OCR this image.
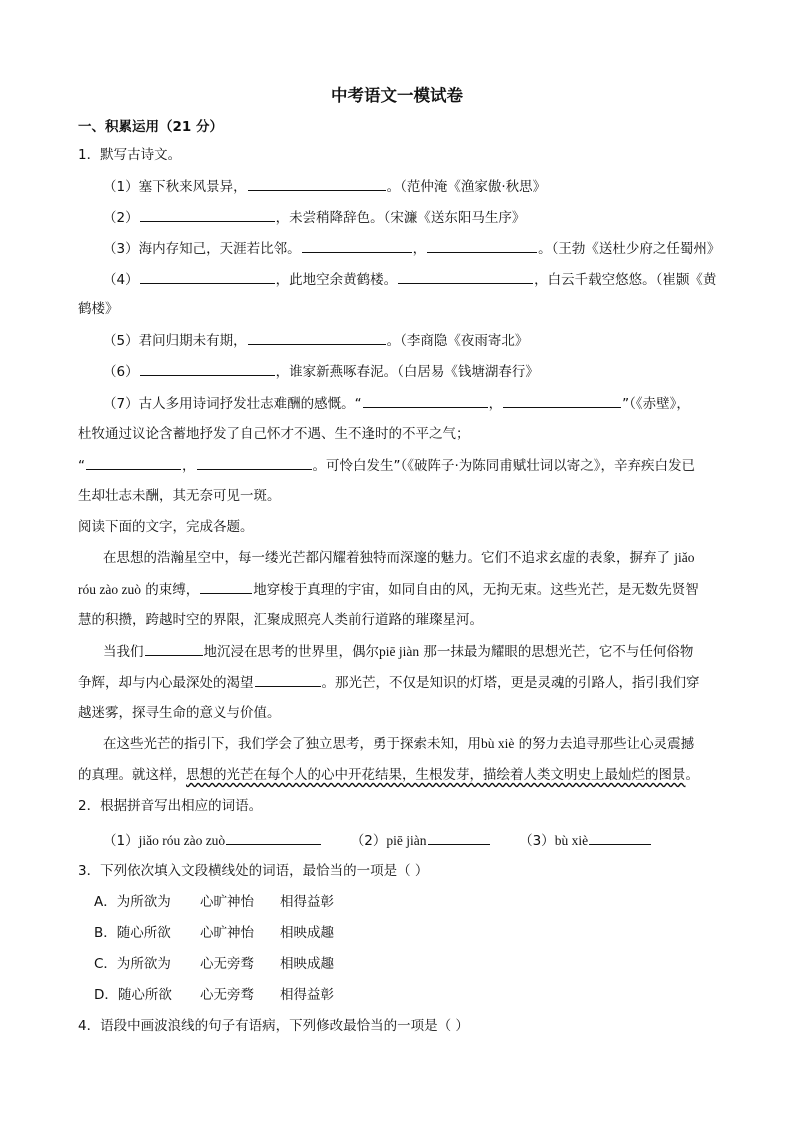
中考语文一模试卷
一、积累运用（21 分）
1．默写古诗文。
（1）塞下秋来风景异，	。（范仲淹《渔家傲·秋思》
（2）	，未尝稍降辞色。（宋濂《送东阳马生序》
（3）海内存知己，天涯若比邻。	，	。（王勃《送杜少府之任蜀州》
（4）	，此地空余黄鹤楼。	，白云千载空悠悠。（崔颢《黄
鹤楼》
（5）君问归期未有期，	。（李商隐《夜雨寄北》
（6）	，谁家新燕啄春泥。（白居易《钱塘湖春行》
（7）古人多用诗词抒发壮志难酬的感慨。“	，	”（《赤壁》，
杜牧通过议论含蓄地抒发了自己怀才不遇、生不逢时的不平之气；
“	，	。可怜白发生”（《破阵子·为陈同甫赋壮词以寄之》，辛弃疾白发已
生却壮志未酬，其无奈可见一斑。
阅读下面的文字，完成各题。
在思想的浩瀚星空中，每一缕光芒都闪耀着独特而深邃的魅力。它们不追求玄虚的表象，摒弃了 jiǎo
róu zào zuò 的束缚，	地穿梭于真理的宇宙，如同自由的风，无拘无束。这些光芒，是无数先贤智
慧的积攒，跨越时空的界限，汇聚成照亮人类前行道路的璀璨星河。
当我们	地沉浸在思考的世界里，偶尔piē jiàn 那一抹最为耀眼的思想光芒，它不与任何俗物
争辉，却与内心最深处的渴望	。那光芒，不仅是知识的灯塔，更是灵魂的引路人，指引我们穿
越迷雾，探寻生命的意义与价值。
在这些光芒的指引下，我们学会了独立思考，勇于探索未知，用bù xiè 的努力去追寻那些让心灵震撼
的真理。就这样，思想的光芒在每个人的心中开花结果，生根发芽，描绘着人类文明史上最灿烂的图景。
2．根据拼音写出相应的词语。
（1）jiǎo róu zào zuò	（2）piē jiàn	（3）bù xiè
3．下列依次填入文段横线处的词语，最恰当的一项是（ ）
A．为所欲为 心旷神怡 相得益彰
B．随心所欲 心旷神怡 相映成趣
C．为所欲为 心无旁骛 相映成趣
D．随心所欲 心无旁骛 相得益彰
4．语段中画波浪线的句子有语病，下列修改最恰当的一项是（ ）
